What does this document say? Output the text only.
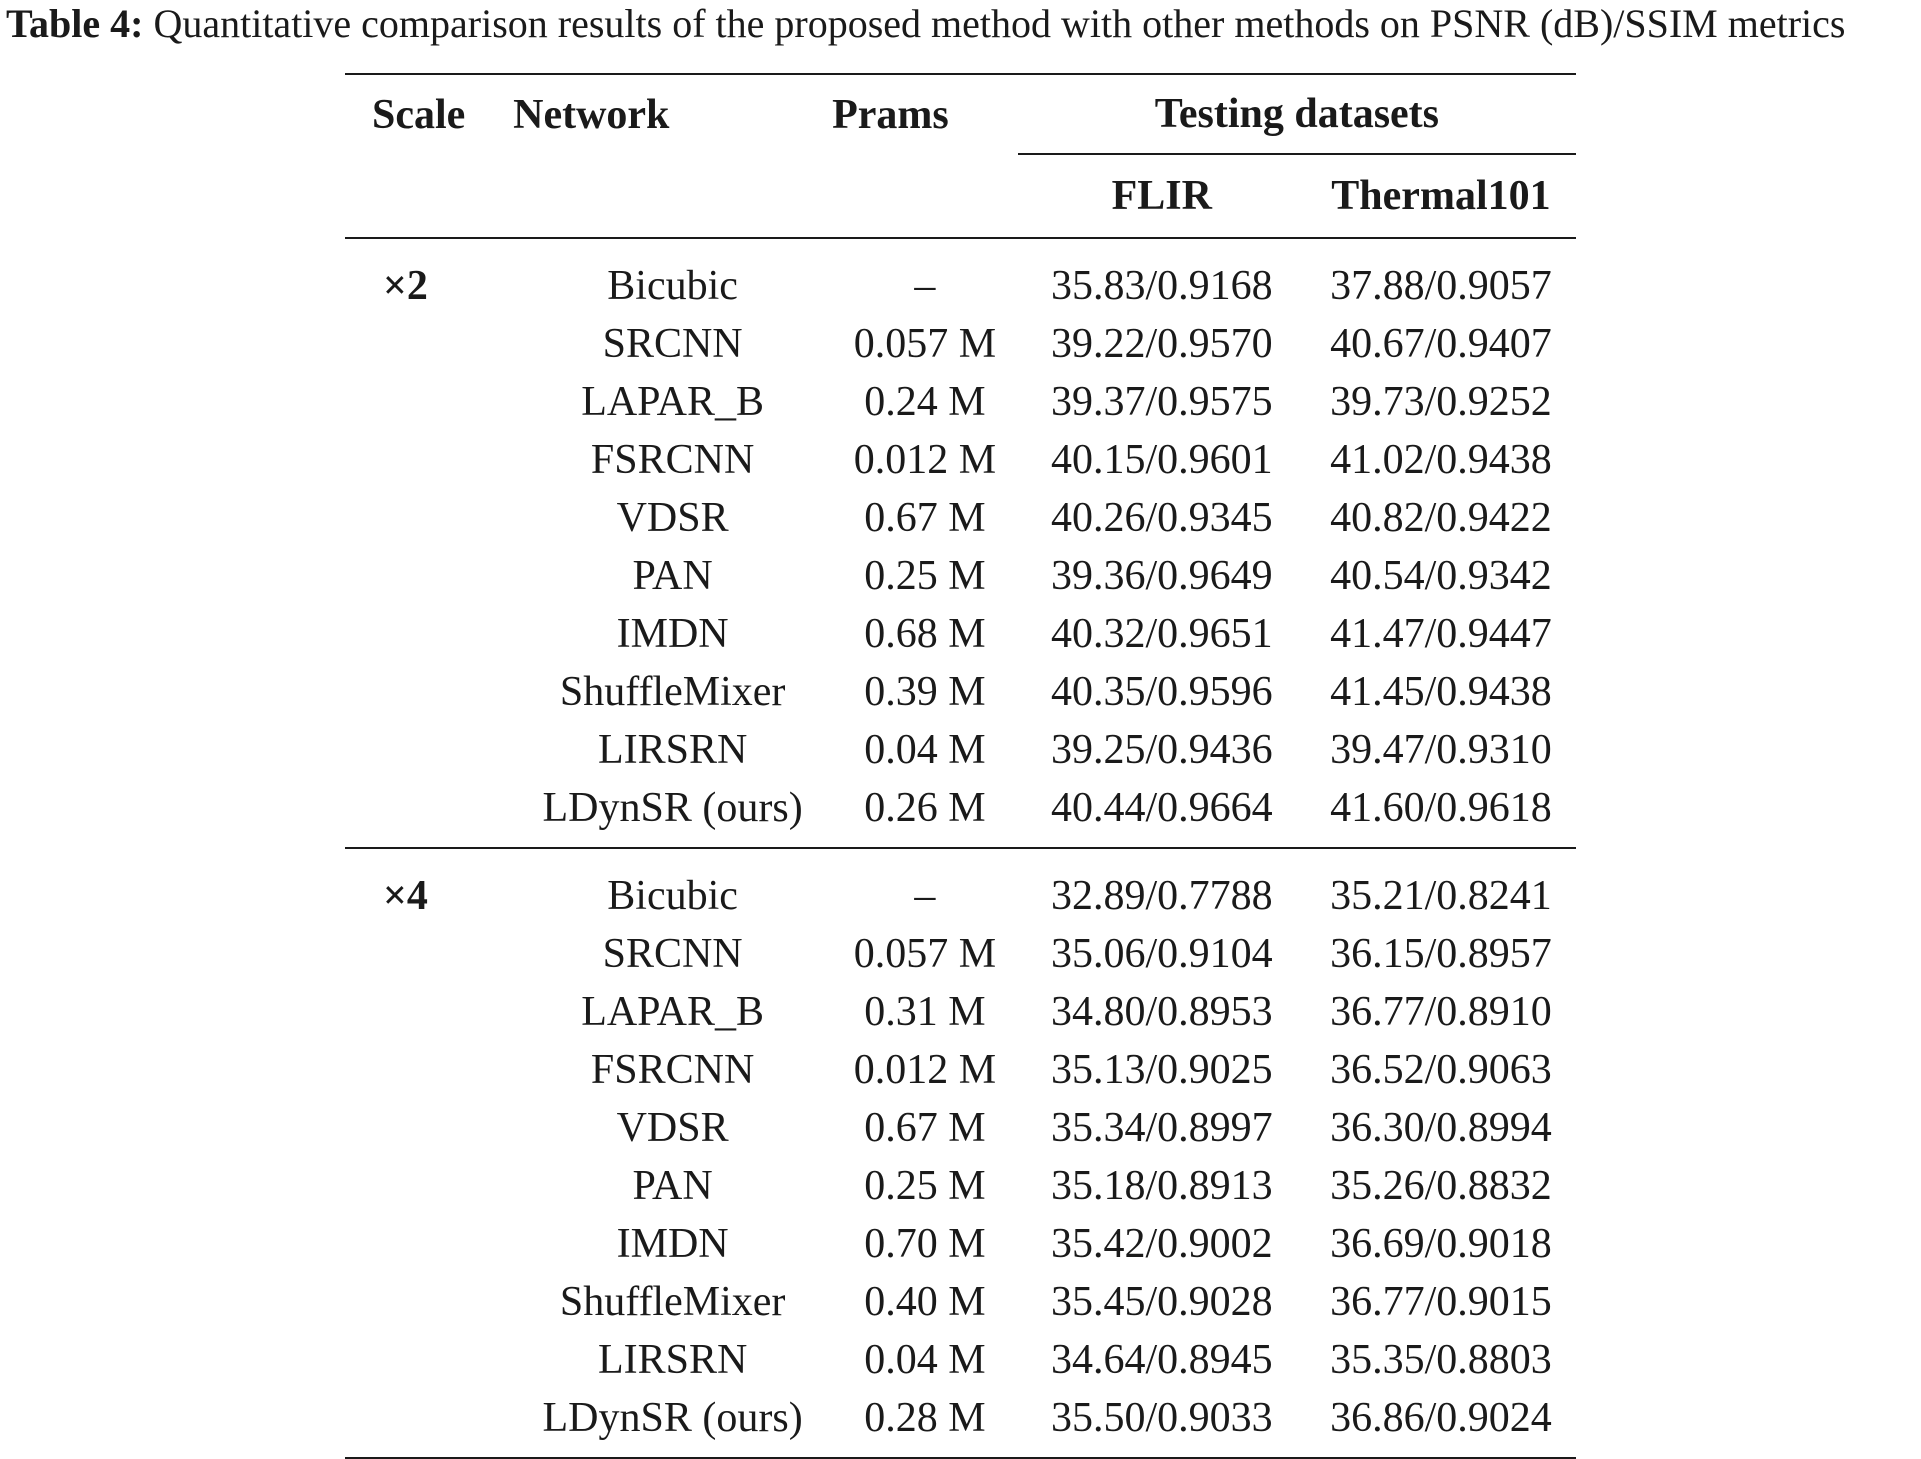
Table 4: Quantitative comparison results of the proposed method with other methods on PSNR (dB)/SSIM metrics
Scale	Network	Prams	Testing datasets	
			FLIR	Thermal101
×2	Bicubic	–	35.83/0.9168	37.88/0.9057
	SRCNN	0.057 M	39.22/0.9570	40.67/0.9407
	LAPAR_B	0.24 M	39.37/0.9575	39.73/0.9252
	FSRCNN	0.012 M	40.15/0.9601	41.02/0.9438
	VDSR	0.67 M	40.26/0.9345	40.82/0.9422
	PAN	0.25 M	39.36/0.9649	40.54/0.9342
	IMDN	0.68 M	40.32/0.9651	41.47/0.9447
	ShuffleMixer	0.39 M	40.35/0.9596	41.45/0.9438
	LIRSRN	0.04 M	39.25/0.9436	39.47/0.9310
	LDynSR (ours)	0.26 M	40.44/0.9664	41.60/0.9618
×4	Bicubic	–	32.89/0.7788	35.21/0.8241
	SRCNN	0.057 M	35.06/0.9104	36.15/0.8957
	LAPAR_B	0.31 M	34.80/0.8953	36.77/0.8910
	FSRCNN	0.012 M	35.13/0.9025	36.52/0.9063
	VDSR	0.67 M	35.34/0.8997	36.30/0.8994
	PAN	0.25 M	35.18/0.8913	35.26/0.8832
	IMDN	0.70 M	35.42/0.9002	36.69/0.9018
	ShuffleMixer	0.40 M	35.45/0.9028	36.77/0.9015
	LIRSRN	0.04 M	34.64/0.8945	35.35/0.8803
	LDynSR (ours)	0.28 M	35.50/0.9033	36.86/0.9024
